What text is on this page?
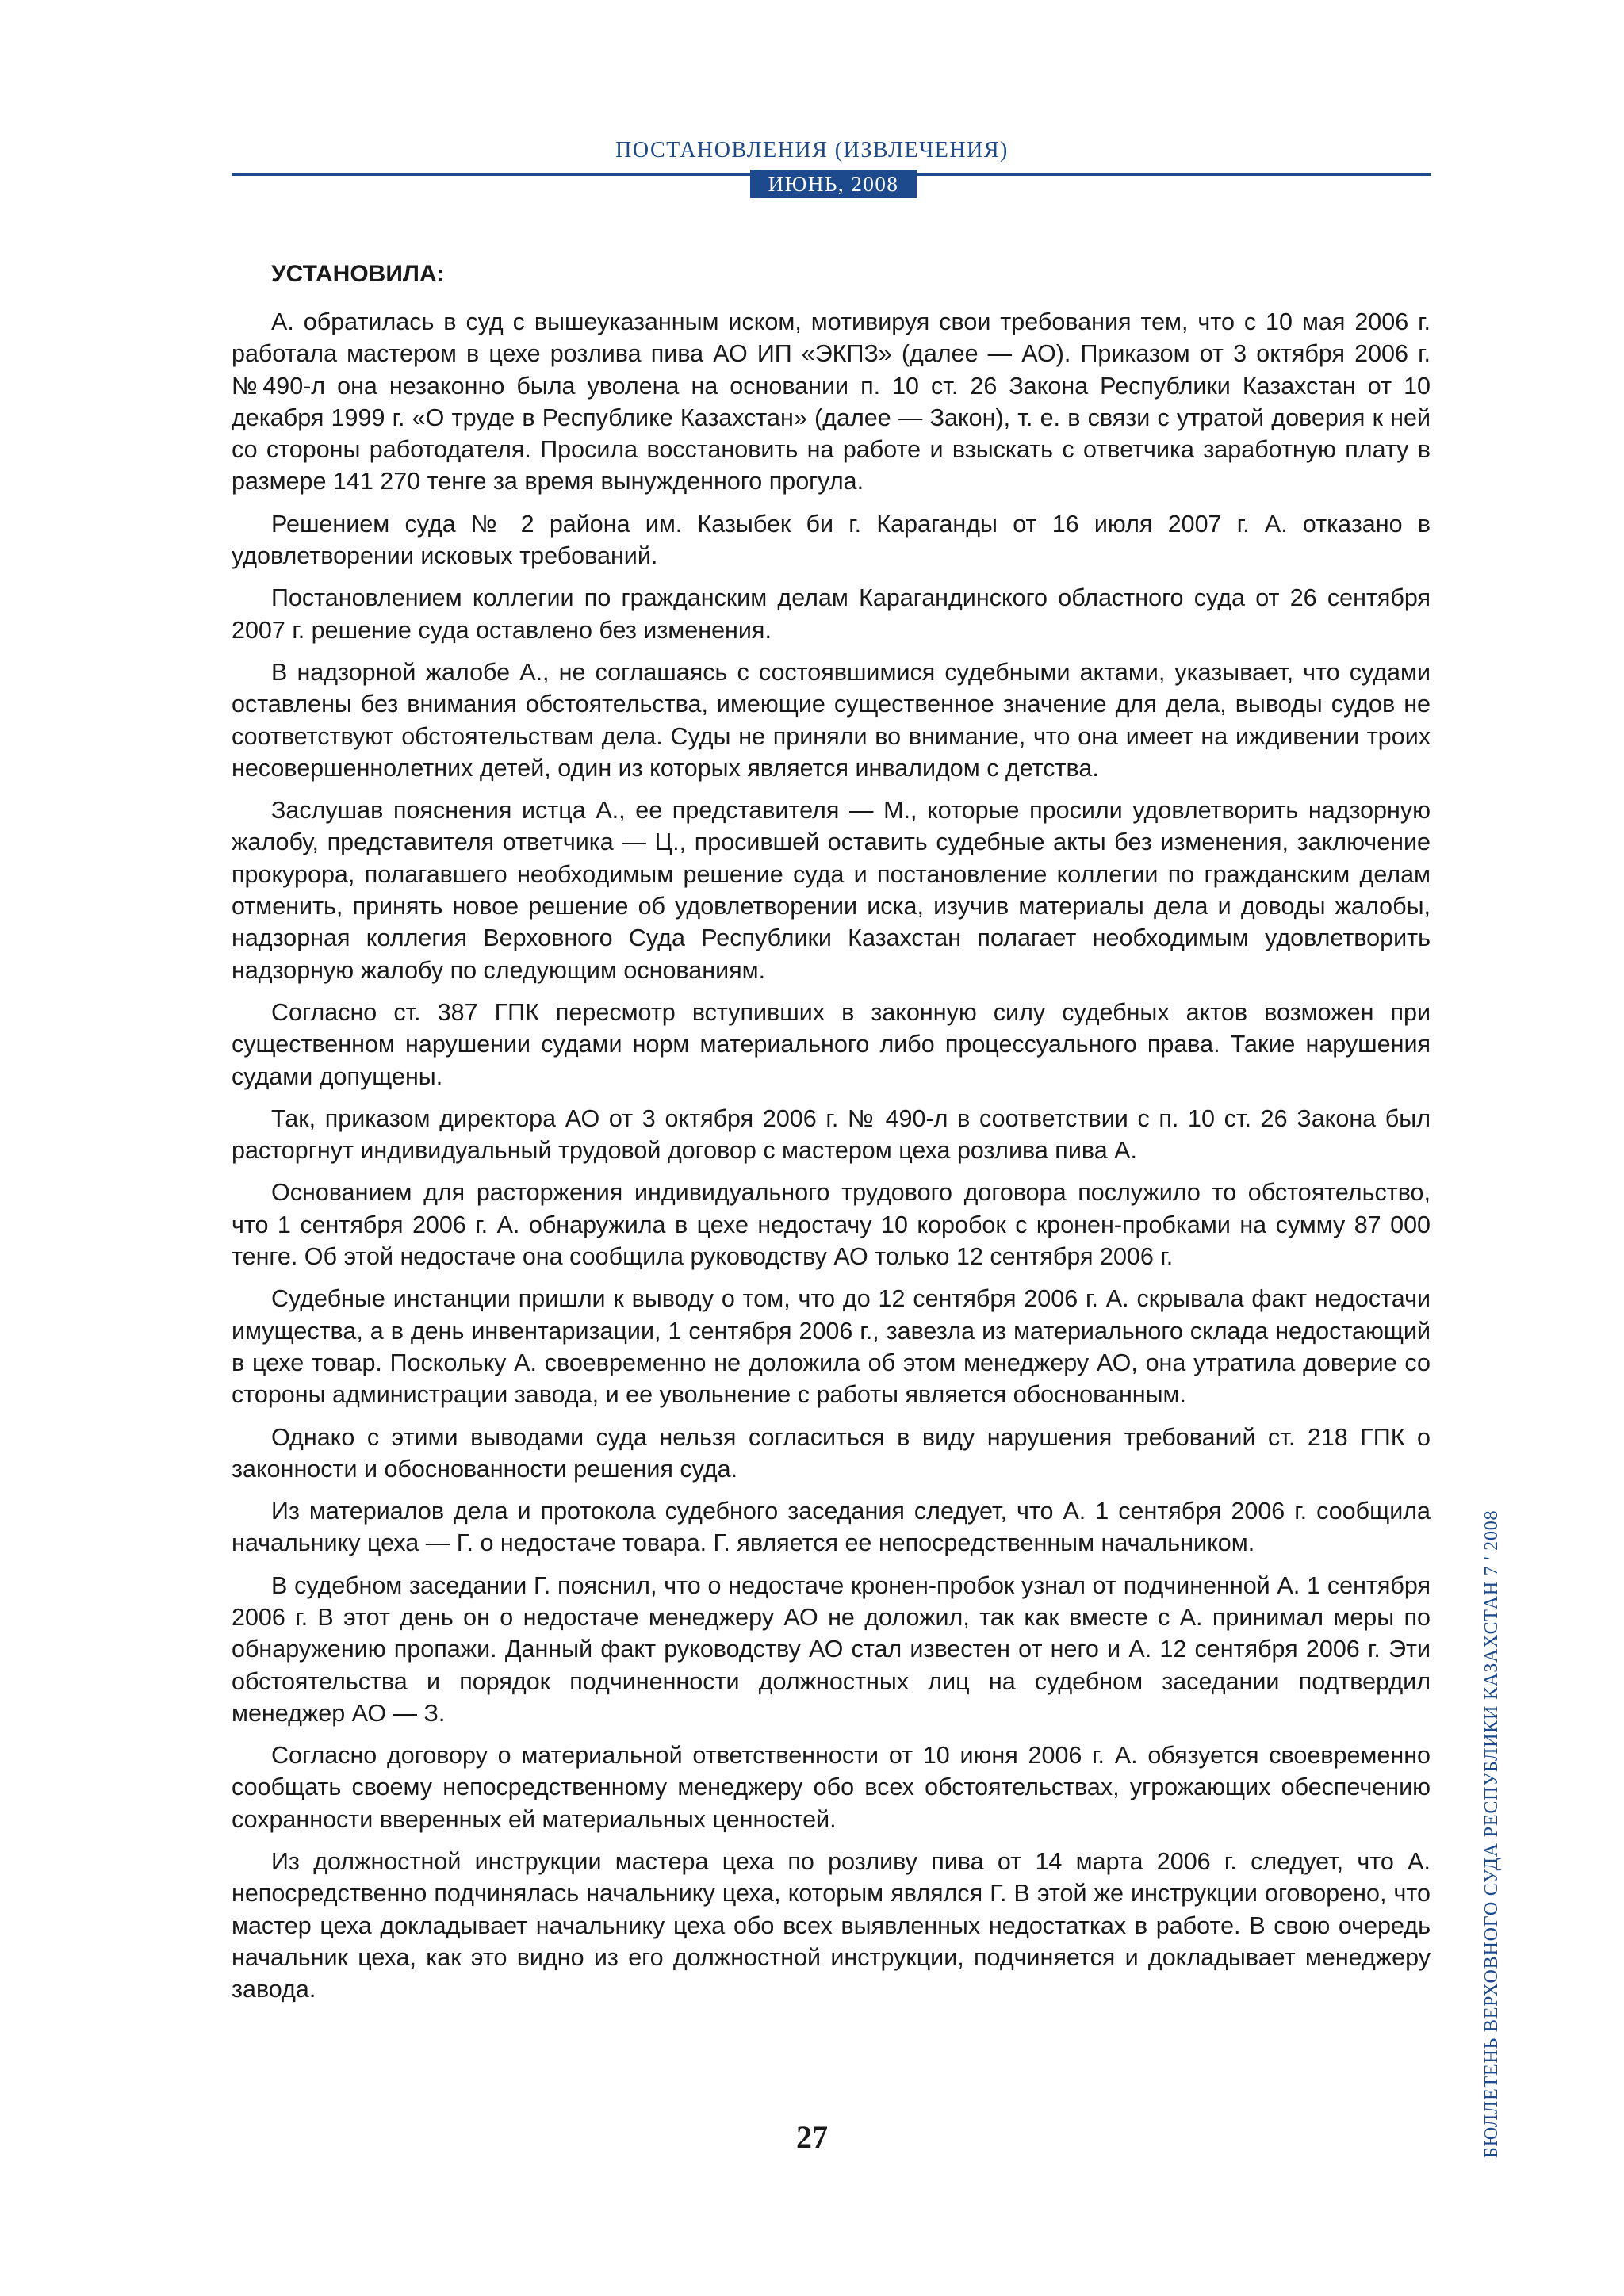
ПОСТАНОВЛЕНИЯ (ИЗВЛЕЧЕНИЯ)
ИЮНЬ, 2008
УСТАНОВИЛА:

А. обратилась в суд с вышеуказанным иском, мотивируя свои требования тем, что с 10 мая 2006 г. работала мастером в цехе розлива пива АО ИП «ЭКПЗ» (далее — АО). Приказом от 3 октября 2006 г. №490-л она незаконно была уволена на основании п. 10 ст. 26 Закона Республики Казахстан от 10 декабря 1999 г. «О труде в Республике Казахстан» (далее — Закон), т. е. в связи с утратой доверия к ней со стороны работодателя. Просила восстановить на работе и взыскать с ответчика заработную плату в размере 141 270 тенге за время вынужденного прогула.

Решением суда № 2 района им. Казыбек би г. Караганды от 16 июля 2007 г. А. отказано в удовлетворении исковых требований.

Постановлением коллегии по гражданским делам Карагандинского областного суда от 26 сентября 2007 г. решение суда оставлено без изменения.

В надзорной жалобе А., не соглашаясь с состоявшимися судебными актами, указывает, что судами оставлены без внимания обстоятельства, имеющие существенное значение для дела, выводы судов не соответствуют обстоятельствам дела. Суды не приняли во внимание, что она имеет на иждивении троих несовершеннолетних детей, один из которых является инвалидом с детства.

Заслушав пояснения истца А., ее представителя — М., которые просили удовлетворить надзорную жалобу, представителя ответчика — Ц., просившей оставить судебные акты без изменения, заключение прокурора, полагавшего необходимым решение суда и постановление коллегии по гражданским делам отменить, принять новое решение об удовлетворении иска, изучив материалы дела и доводы жалобы, надзорная коллегия Верховного Суда Республики Казахстан полагает необходимым удовлетворить надзорную жалобу по следующим основаниям.

Согласно ст. 387 ГПК пересмотр вступивших в законную силу судебных актов возможен при существенном нарушении судами норм материального либо процессуального права. Такие нарушения судами допущены.

Так, приказом директора АО от 3 октября 2006 г. № 490-л в соответствии с п. 10 ст. 26 Закона был расторгнут индивидуальный трудовой договор с мастером цеха розлива пива А.

Основанием для расторжения индивидуального трудового договора послужило то обстоятельство, что 1 сентября 2006 г. А. обнаружила в цехе недостачу 10 коробок с кронен-пробками на сумму 87 000 тенге. Об этой недостаче она сообщила руководству АО только 12 сентября 2006 г.

Судебные инстанции пришли к выводу о том, что до 12 сентября 2006 г. А. скрывала факт недостачи имущества, а в день инвентаризации, 1 сентября 2006 г., завезла из материального склада недостающий в цехе товар. Поскольку А. своевременно не доложила об этом менеджеру АО, она утратила доверие со стороны администрации завода, и ее увольнение с работы является обоснованным.

Однако с этими выводами суда нельзя согласиться в виду нарушения требований ст. 218 ГПК о законности и обоснованности решения суда.

Из материалов дела и протокола судебного заседания следует, что А. 1 сентября 2006 г. сообщила начальнику цеха — Г. о недостаче товара. Г. является ее непосредственным начальником.

В судебном заседании Г. пояснил, что о недостаче кронен-пробок узнал от подчиненной А. 1 сентября 2006 г. В этот день он о недостаче менеджеру АО не доложил, так как вместе с А. принимал меры по обнаружению пропажи. Данный факт руководству АО стал известен от него и А. 12 сентября 2006 г. Эти обстоятельства и порядок подчиненности должностных лиц на судебном заседании подтвердил менеджер АО — З.

Согласно договору о материальной ответственности от 10 июня 2006 г. А. обязуется своевременно сообщать своему непосредственному менеджеру обо всех обстоятельствах, угрожающих обеспечению сохранности вверенных ей материальных ценностей.

Из должностной инструкции мастера цеха по розливу пива от 14 марта 2006 г. следует, что А. непосредственно подчинялась начальнику цеха, которым являлся Г. В этой же инструкции оговорено, что мастер цеха докладывает начальнику цеха обо всех выявленных недостатках в работе. В свою очередь начальник цеха, как это видно из его должностной инструкции, подчиняется и докладывает менеджеру завода.

27	БЮЛЛЕТЕНЬ ВЕРХОВНОГО СУДА РЕСПУБЛИКИ КАЗАХСТАН 7 ' 2008
